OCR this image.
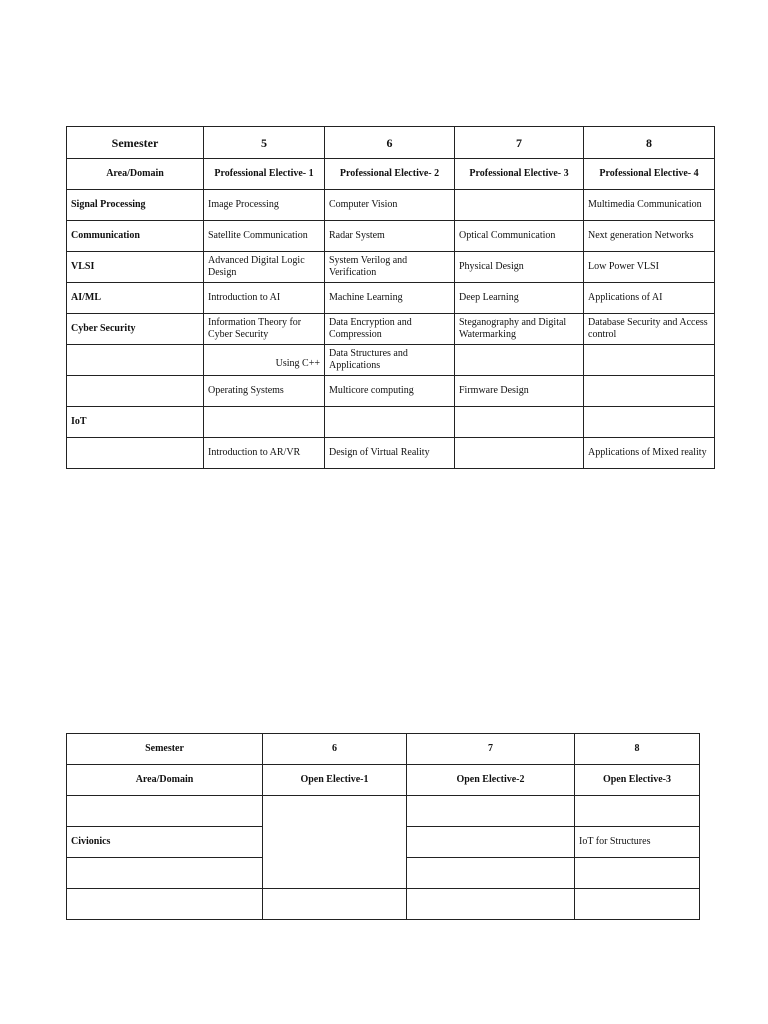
Semester	5	6	7	8
Area/Domain	Professional Elective- 1	Professional Elective- 2	Professional Elective- 3	Professional Elective- 4
Signal Processing	Image Processing	Computer Vision		Multimedia Communication
Communication	Satellite Communication	Radar System	Optical Communication	Next generation Networks
VLSI	Advanced Digital Logic Design	System Verilog and Verification	Physical Design	Low Power VLSI
AI/ML	Introduction to AI	Machine Learning	Deep Learning	Applications of AI
Cyber Security	Information Theory for Cyber Security	Data Encryption and Compression	Steganography and Digital Watermarking	Database Security and Access control
	Using C++	Data Structures and Applications		
	Operating Systems	Multicore computing	Firmware Design	
IoT				
	Introduction to AR/VR	Design of Virtual Reality		Applications of Mixed reality
Semester	6	7	8
Area/Domain	Open Elective-1	Open Elective-2	Open Elective-3

Civionics			IoT for Structures
